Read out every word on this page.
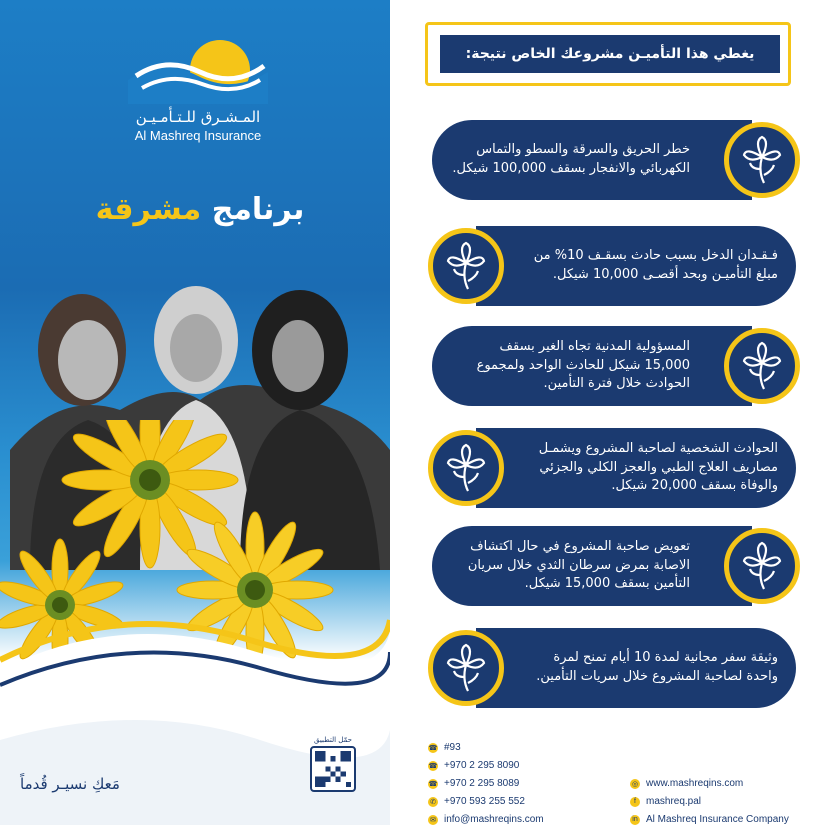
المـشـرق للـتـأمـيـن
Al Mashreq Insurance
برنامج مشرقة
مَعكِ نسيـر قُدماً
حمّل التطبيق
يغطي هذا التأميـن مشروعك الخاص نتيجة:
خطر الحريق والسرقة والسطو والتماس الكهربائي والانفجار بسقف 100,000 شيكل.
فـقـدان الدخل بسبب حادث بسقـف 10% من مبلغ التأميـن وبحد أقصـى 10,000 شيكل.
المسؤولية المدنية تجاه الغير بسقف 15,000 شيكل للحادث الواحد ولمجموع الحوادث خلال فترة التأمين.
الحوادث الشخصية لصاحبة المشروع ويشمـل مصاريف العلاج الطبي والعجز الكلي والجزئي والوفاة بسقف 20,000 شيكل.
تعويض صاحبة المشروع في حال اكتشاف الاصابة بمرض سرطان الثدي خلال سريان التأمين بسقف 15,000 شيكل.
وثيقة سفر مجانية لمدة 10 أيام تمنح لمرة واحدة لصاحبة المشروع خلال سريات التأمين.
☎ #93
☎ +970 2 295 8090
☎ +970 2 295 8089
✆ +970 593 255 552
✉ info@mashreqins.com
◎ www.mashreqins.com
f	mashreq.pal
in Al Mashreq Insurance Company
